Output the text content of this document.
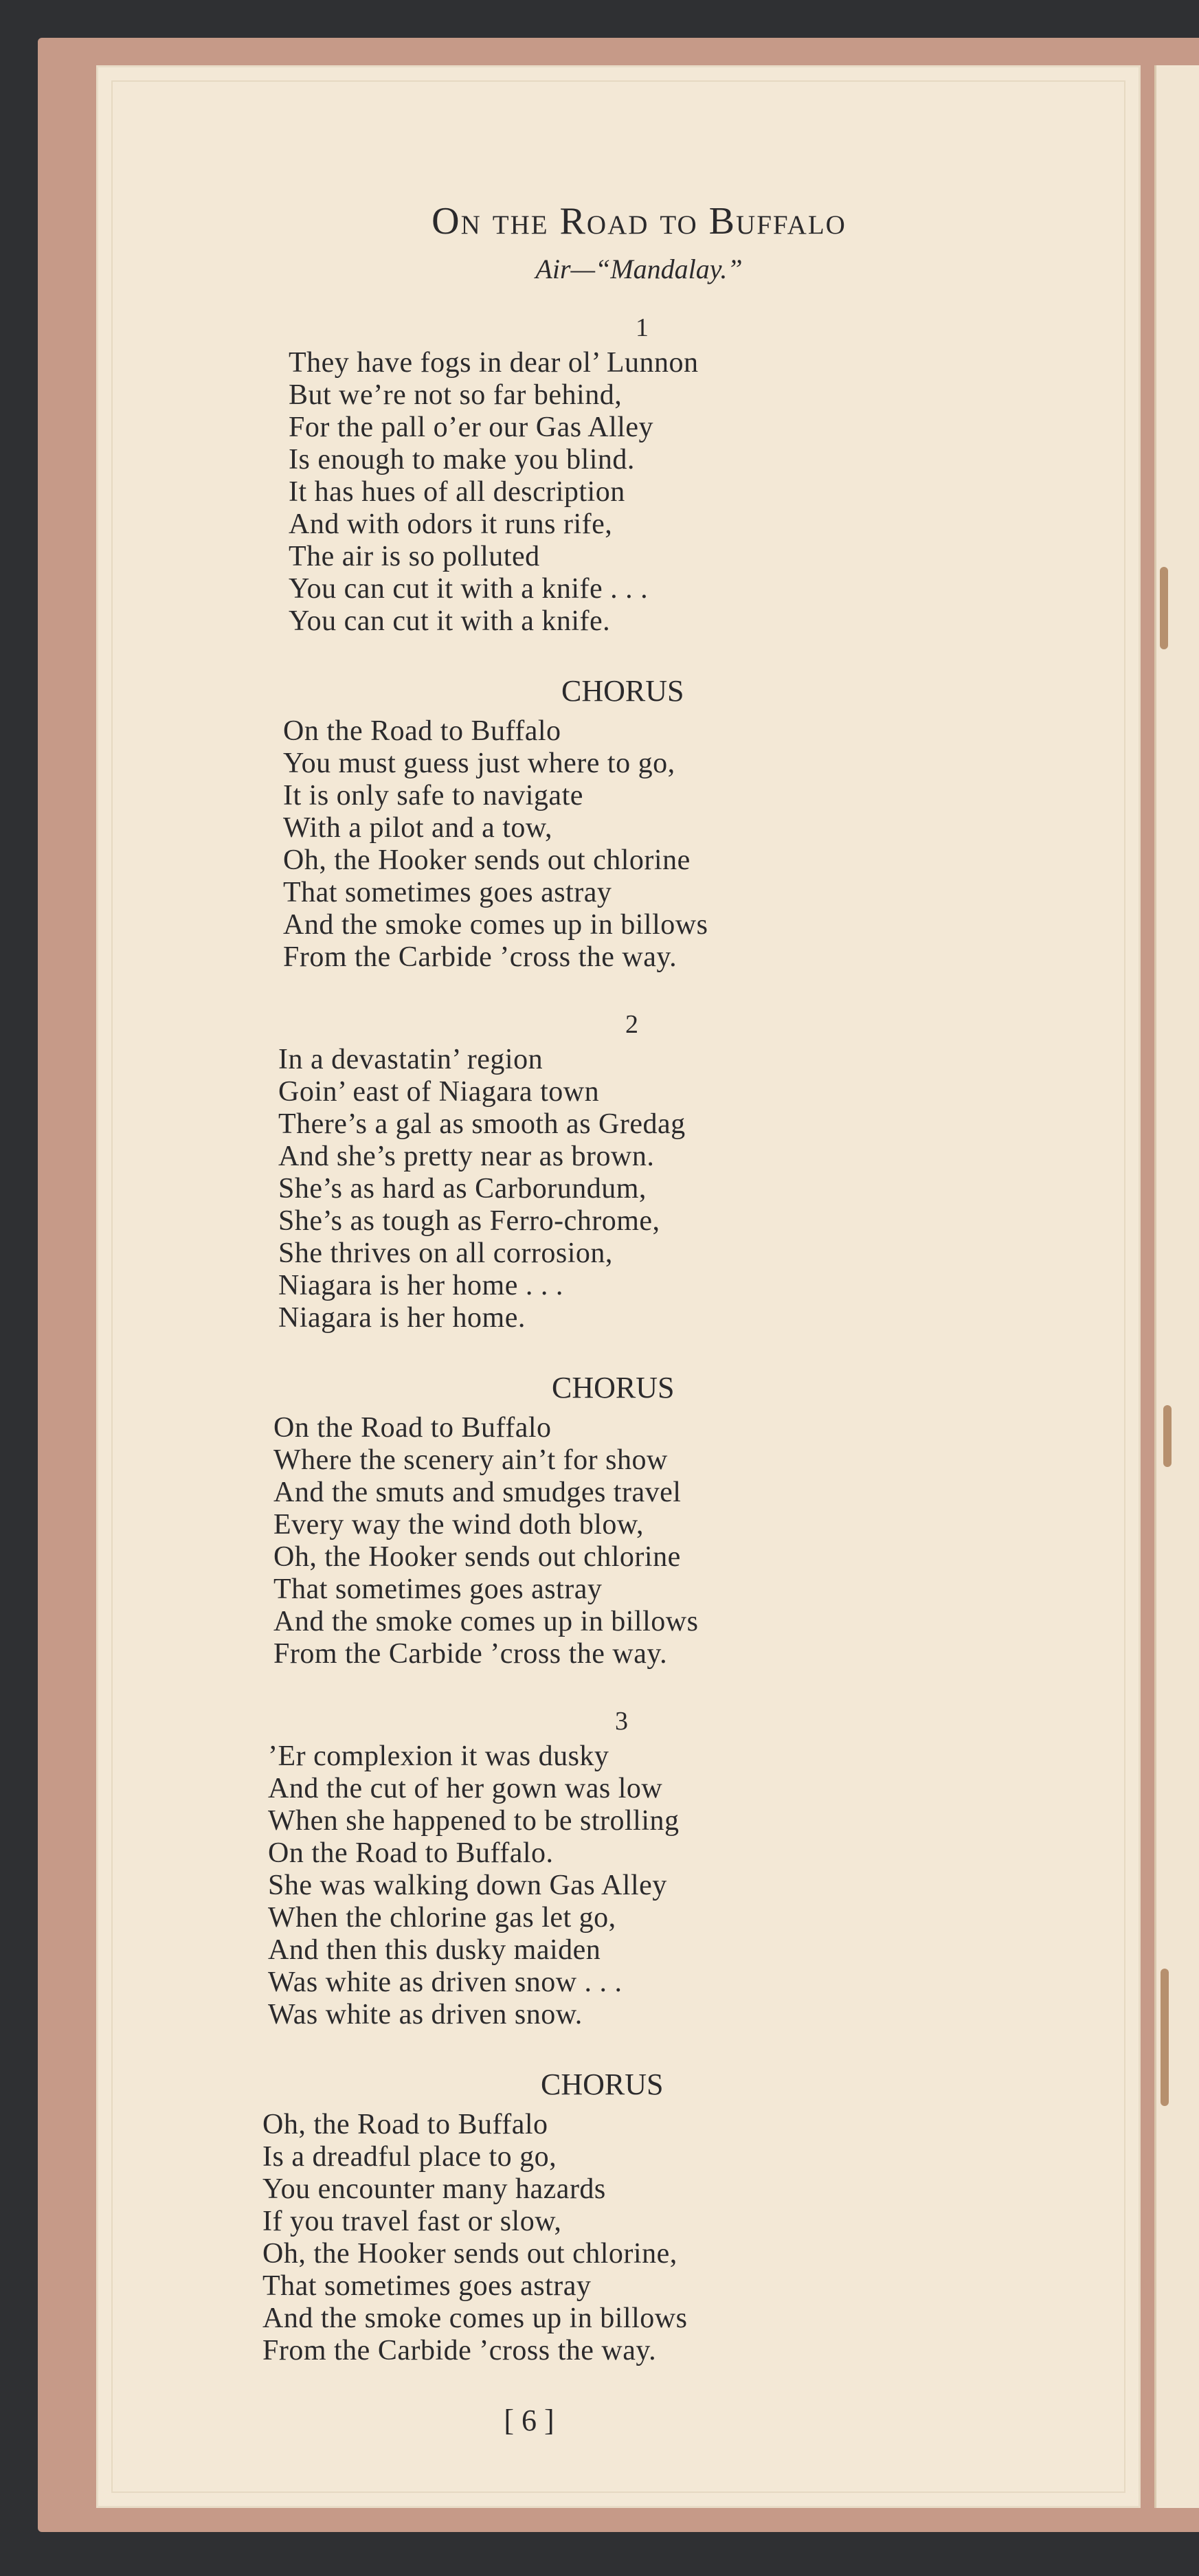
On the Road to Buffalo
Air—“Mandalay.”
1
They have fogs in dear ol’ Lunnon
But we’re not so far behind,
For the pall o’er our Gas Alley
Is enough to make you blind.
It has hues of all description
And with odors it runs rife,
The air is so polluted
You can cut it with a knife . . .
You can cut it with a knife.
CHORUS
On the Road to Buffalo
You must guess just where to go,
It is only safe to navigate
With a pilot and a tow,
Oh, the Hooker sends out chlorine
That sometimes goes astray
And the smoke comes up in billows
From the Carbide ’cross the way.
2
In a devastatin’ region
Goin’ east of Niagara town
There’s a gal as smooth as Gredag
And she’s pretty near as brown.
She’s as hard as Carborundum,
She’s as tough as Ferro-chrome,
She thrives on all corrosion,
Niagara is her home . . .
Niagara is her home.
CHORUS
On the Road to Buffalo
Where the scenery ain’t for show
And the smuts and smudges travel
Every way the wind doth blow,
Oh, the Hooker sends out chlorine
That sometimes goes astray
And the smoke comes up in billows
From the Carbide ’cross the way.
3
’Er complexion it was dusky
And the cut of her gown was low
When she happened to be strolling
On the Road to Buffalo.
She was walking down Gas Alley
When the chlorine gas let go,
And then this dusky maiden
Was white as driven snow . . .
Was white as driven snow.
CHORUS
Oh, the Road to Buffalo
Is a dreadful place to go,
You encounter many hazards
If you travel fast or slow,
Oh, the Hooker sends out chlorine,
That sometimes goes astray
And the smoke comes up in billows
From the Carbide ’cross the way.
[ 6 ]
